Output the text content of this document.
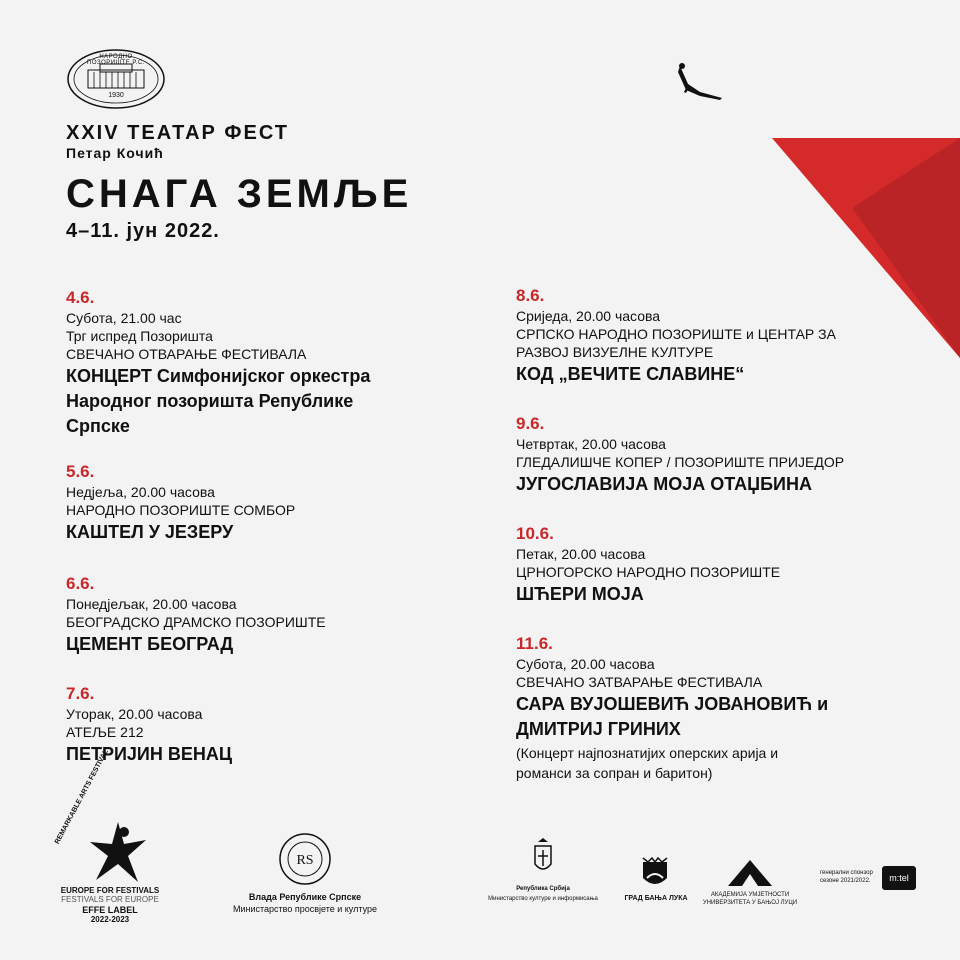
НАРОДНО ПОЗОРИШТЕ Р.С.
1930
XXIV ТЕАТАР ФЕСТ
Петар Кочић
СНАГА ЗЕМЉЕ
4–11. јун 2022.
4.6.
Субота, 21.00 час
Трг испред Позоришта
СВЕЧАНО ОТВАРАЊЕ ФЕСТИВАЛА
КОНЦЕРТ Симфонијског оркестра
Народног позоришта Републике
Српске
5.6.
Недјеља, 20.00 часова
НАРОДНО ПОЗОРИШТЕ СОМБОР
КАШТЕЛ У ЈЕЗЕРУ
6.6.
Понедјељак, 20.00 часова
БЕОГРАДСКО ДРАМСКО ПОЗОРИШТЕ
ЦЕМЕНТ БЕОГРАД
7.6.
Уторак, 20.00 часова
АТЕЉЕ 212
ПЕТРИЈИН ВЕНАЦ
8.6.
Сриједа, 20.00 часова
СРПСКО НАРОДНО ПОЗОРИШТЕ и ЦЕНТАР ЗА
РАЗВОЈ ВИЗУЕЛНЕ КУЛТУРЕ
КОД „ВЕЧИТЕ СЛАВИНЕ“
9.6.
Четвртак, 20.00 часова
ГЛЕДАЛИШЧЕ КОПЕР / ПОЗОРИШТЕ ПРИЈЕДОР
ЈУГОСЛАВИЈА МОЈА ОТАЏБИНА
10.6.
Петак, 20.00 часова
ЦРНОГОРСКО НАРОДНО ПОЗОРИШТЕ
ШЋЕРИ МОЈА
11.6.
Субота, 20.00 часова
СВЕЧАНО ЗАТВАРАЊЕ ФЕСТИВАЛА
САРА ВУЈОШЕВИЋ ЈОВАНОВИЋ и
ДМИТРИЈ ГРИНИХ
(Концерт најпознатијих оперских арија и
романси за сопран и баритон)
REMARKABLE ARTS FESTIVAL
EUROPE FOR FESTIVALS
FESTIVALS FOR EUROPE
EFFE LABEL
2022-2023
RS
Влада Републике Српске
Министарство просвјете и културе
Република Србија
Министарство културе и информисања	ГРАД БАЊА ЛУКА	АКАДЕМИЈА УМЈЕТНОСТИ
УНИВЕРЗИТЕТА У БАЊОЈ ЛУЦИ
генерални спонзор
сезоне 2021/2022.	m:tel
